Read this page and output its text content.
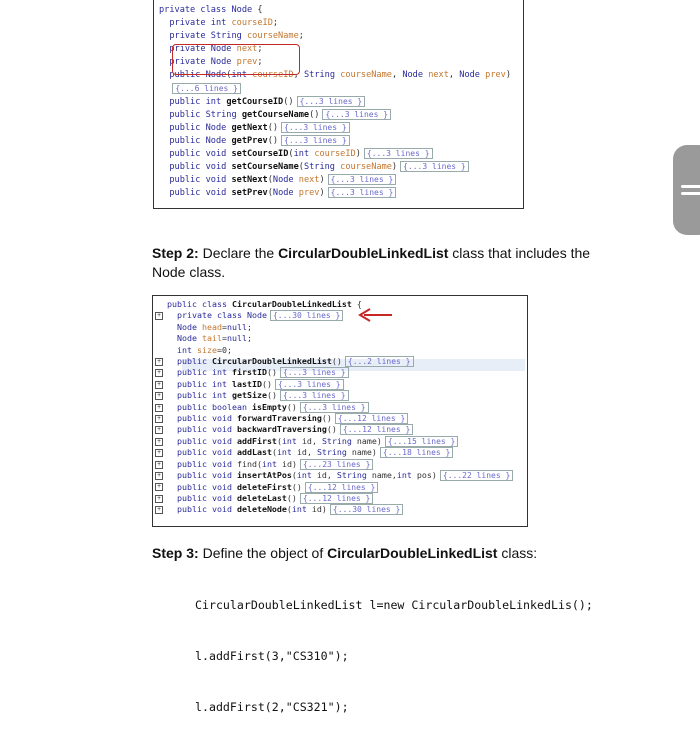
private class Node {
private int courseID;
private String courseName;
private Node next;
private Node prev;
public Node(int courseID, String courseName, Node next, Node prev)
{...6 lines }
public int getCourseID() {...3 lines }
public String getCourseName() {...3 lines }
public Node getNext() {...3 lines }
public Node getPrev() {...3 lines }
public void setCourseID(int courseID) {...3 lines }
public void setCourseName(String courseName) {...3 lines }
public void setNext(Node next) {...3 lines }
public void setPrev(Node prev) {...3 lines }
Step 2: Declare the CircularDoubleLinkedList class that includes the
Node class.
+
+
+
+
+
+
+
+
+
+
+
+
+
+
+
public class CircularDoubleLinkedList {
private class Node {...30 lines }
Node head=null;
Node tail=null;
int size=0;
public CircularDoubleLinkedList() {...2 lines }
public int firstID() {...3 lines }
public int lastID() {...3 lines }
public int getSize() {...3 lines }
public boolean isEmpty() {...3 lines }
public void forwardTraversing() {...12 lines }
public void backwardTraversing() {...12 lines }
public void addFirst(int id, String name) {...15 lines }
public void addLast(int id, String name) {...18 lines }
public void find(int id) {...23 lines }
public void insertAtPos(int id, String name,int pos) {...22 lines }
public void deleteFirst() {...12 lines }
public void deleteLast() {...12 lines }
public void deleteNode(int id) {...30 lines }
Step 3: Define the object of CircularDoubleLinkedList class:

CircularDoubleLinkedList l=new CircularDoubleLinkedLis();

l.addFirst(3,"CS310");

l.addFirst(2,"CS321");
